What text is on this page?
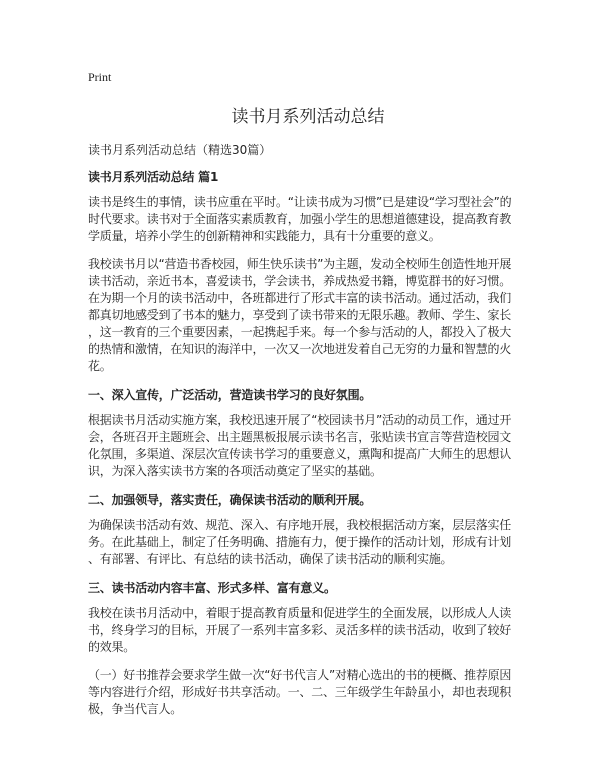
Print
读书月系列活动总结
读书月系列活动总结（精选30篇）
读书月系列活动总结 篇1
读书是终生的事情，读书应重在平时。“让读书成为习惯”已是建设“学习型社会”的
时代要求。读书对于全面落实素质教育，加强小学生的思想道德建设，提高教育教
学质量，培养小学生的创新精神和实践能力，具有十分重要的意义。
我校读书月以“营造书香校园，师生快乐读书”为主题，发动全校师生创造性地开展
读书活动，亲近书本，喜爱读书，学会读书，养成热爱书籍，博览群书的好习惯。
在为期一个月的读书活动中，各班都进行了形式丰富的读书活动。通过活动，我们
都真切地感受到了书本的魅力，享受到了读书带来的无限乐趣。教师、学生、家长
，这一教育的三个重要因素，一起携起手来。每一个参与活动的人，都投入了极大
的热情和激情，在知识的海洋中，一次又一次地迸发着自己无穷的力量和智慧的火
花。
一、深入宣传，广泛活动，营造读书学习的良好氛围。
根据读书月活动实施方案，我校迅速开展了“校园读书月”活动的动员工作，通过开
会，各班召开主题班会、出主题黑板报展示读书名言，张贴读书宣言等营造校园文
化氛围，多渠道、深层次宣传读书学习的重要意义，熏陶和提高广大师生的思想认
识，为深入落实读书方案的各项活动奠定了坚实的基础。
二、加强领导，落实责任，确保读书活动的顺利开展。
为确保读书活动有效、规范、深入、有序地开展，我校根据活动方案，层层落实任
务。在此基础上，制定了任务明确、措施有力，便于操作的活动计划，形成有计划
、有部署、有评比、有总结的读书活动，确保了读书活动的顺利实施。
三、读书活动内容丰富、形式多样、富有意义。
我校在读书月活动中，着眼于提高教育质量和促进学生的全面发展，以形成人人读
书，终身学习的目标，开展了一系列丰富多彩、灵活多样的读书活动，收到了较好
的效果。
（一）好书推荐会要求学生做一次“好书代言人”对精心选出的书的梗概、推荐原因
等内容进行介绍，形成好书共享活动。一、二、三年级学生年龄虽小，却也表现积
极，争当代言人。
